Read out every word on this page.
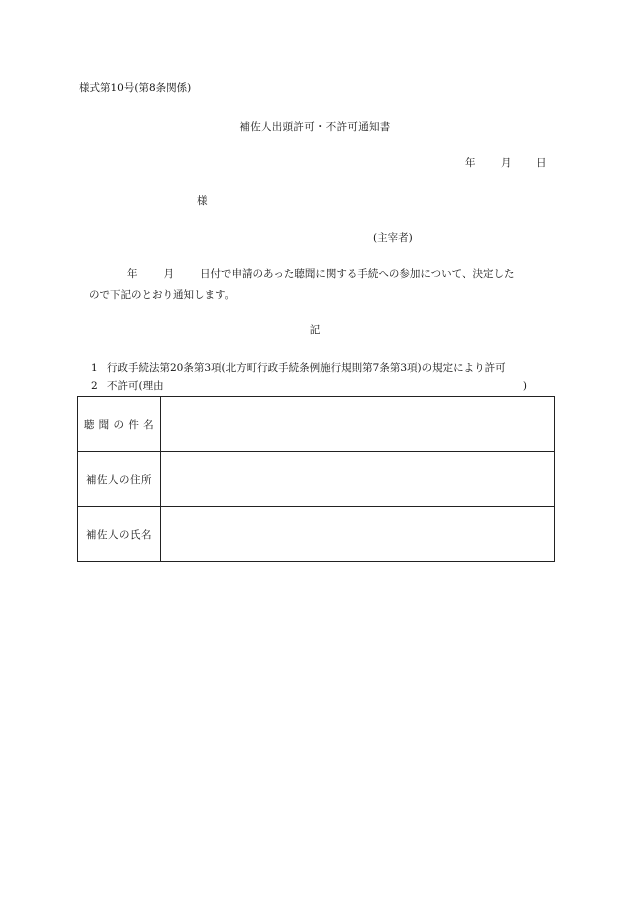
様式第10号(第8条関係)
補佐人出頭許可・不許可通知書
年 月 日
様
(主宰者)
年 月 日付で申請のあった聴聞に関する手続への参加について、決定した
ので下記のとおり通知します。
記
1 行政手続法第20条第3項(北方町行政手続条例施行規則第7条第3項)の規定により許可
2 不許可(理由	)
聴 聞 の 件 名	
補佐人の住所	
補佐人の氏名	
